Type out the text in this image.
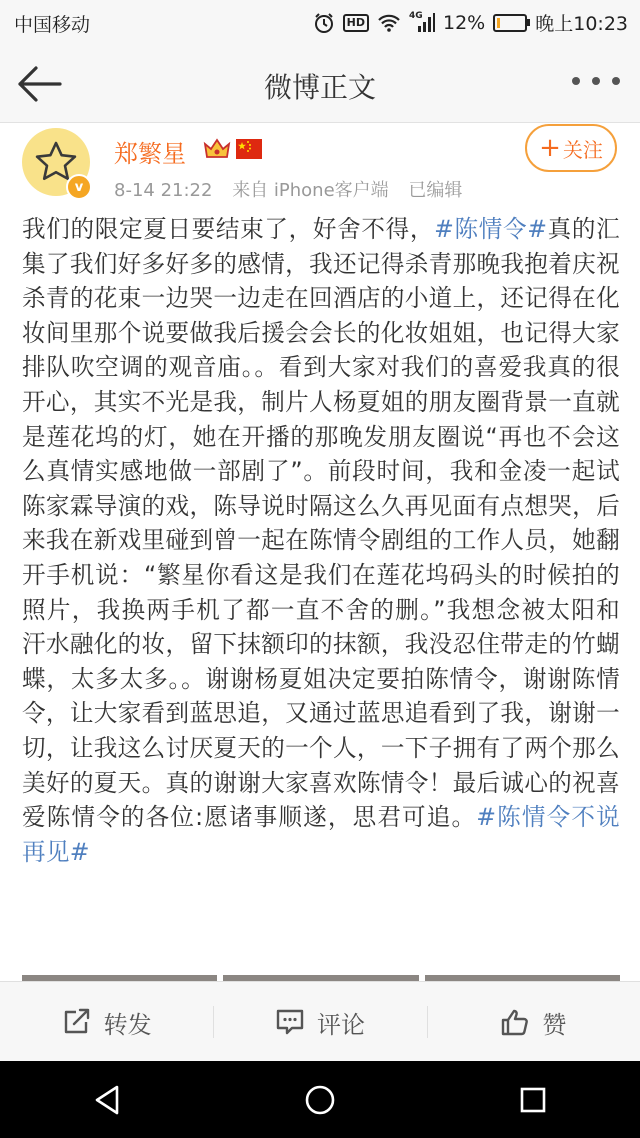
中国移动	HD	4G 12%	晚上10:23
微博正文
v
郑繁星
8-14 21:22 来自 iPhone客户端 已编辑
+ 关注
我们的限定夏日要结束了，好舍不得，#陈情令#真的汇集了我们好多好多的感情，我还记得杀青那晚我抱着庆祝杀青的花束一边哭一边走在回酒店的小道上，还记得在化妆间里那个说要做我后援会会长的化妆姐姐，也记得大家排队吹空调的观音庙。。看到大家对我们的喜爱我真的很开心，其实不光是我，制片人杨夏姐的朋友圈背景一直就是莲花坞的灯，她在开播的那晚发朋友圈说“再也不会这么真情实感地做一部剧了”。前段时间，我和金凌一起试陈家霖导演的戏，陈导说时隔这么久再见面有点想哭，后来我在新戏里碰到曾一起在陈情令剧组的工作人员，她翻开手机说：“繁星你看这是我们在莲花坞码头的时候拍的照片，我换两手机了都一直不舍的删。”我想念被太阳和汗水融化的妆，留下抹额印的抹额，我没忍住带走的竹蝴蝶，太多太多。。谢谢杨夏姐决定要拍陈情令，谢谢陈情令，让大家看到蓝思追，又通过蓝思追看到了我，谢谢一切，让我这么讨厌夏天的一个人，一下子拥有了两个那么美好的夏天。真的谢谢大家喜欢陈情令！最后诚心的祝喜爱陈情令的各位:愿诸事顺遂，思君可追。#陈情令不说再见#
转发	评论	赞
